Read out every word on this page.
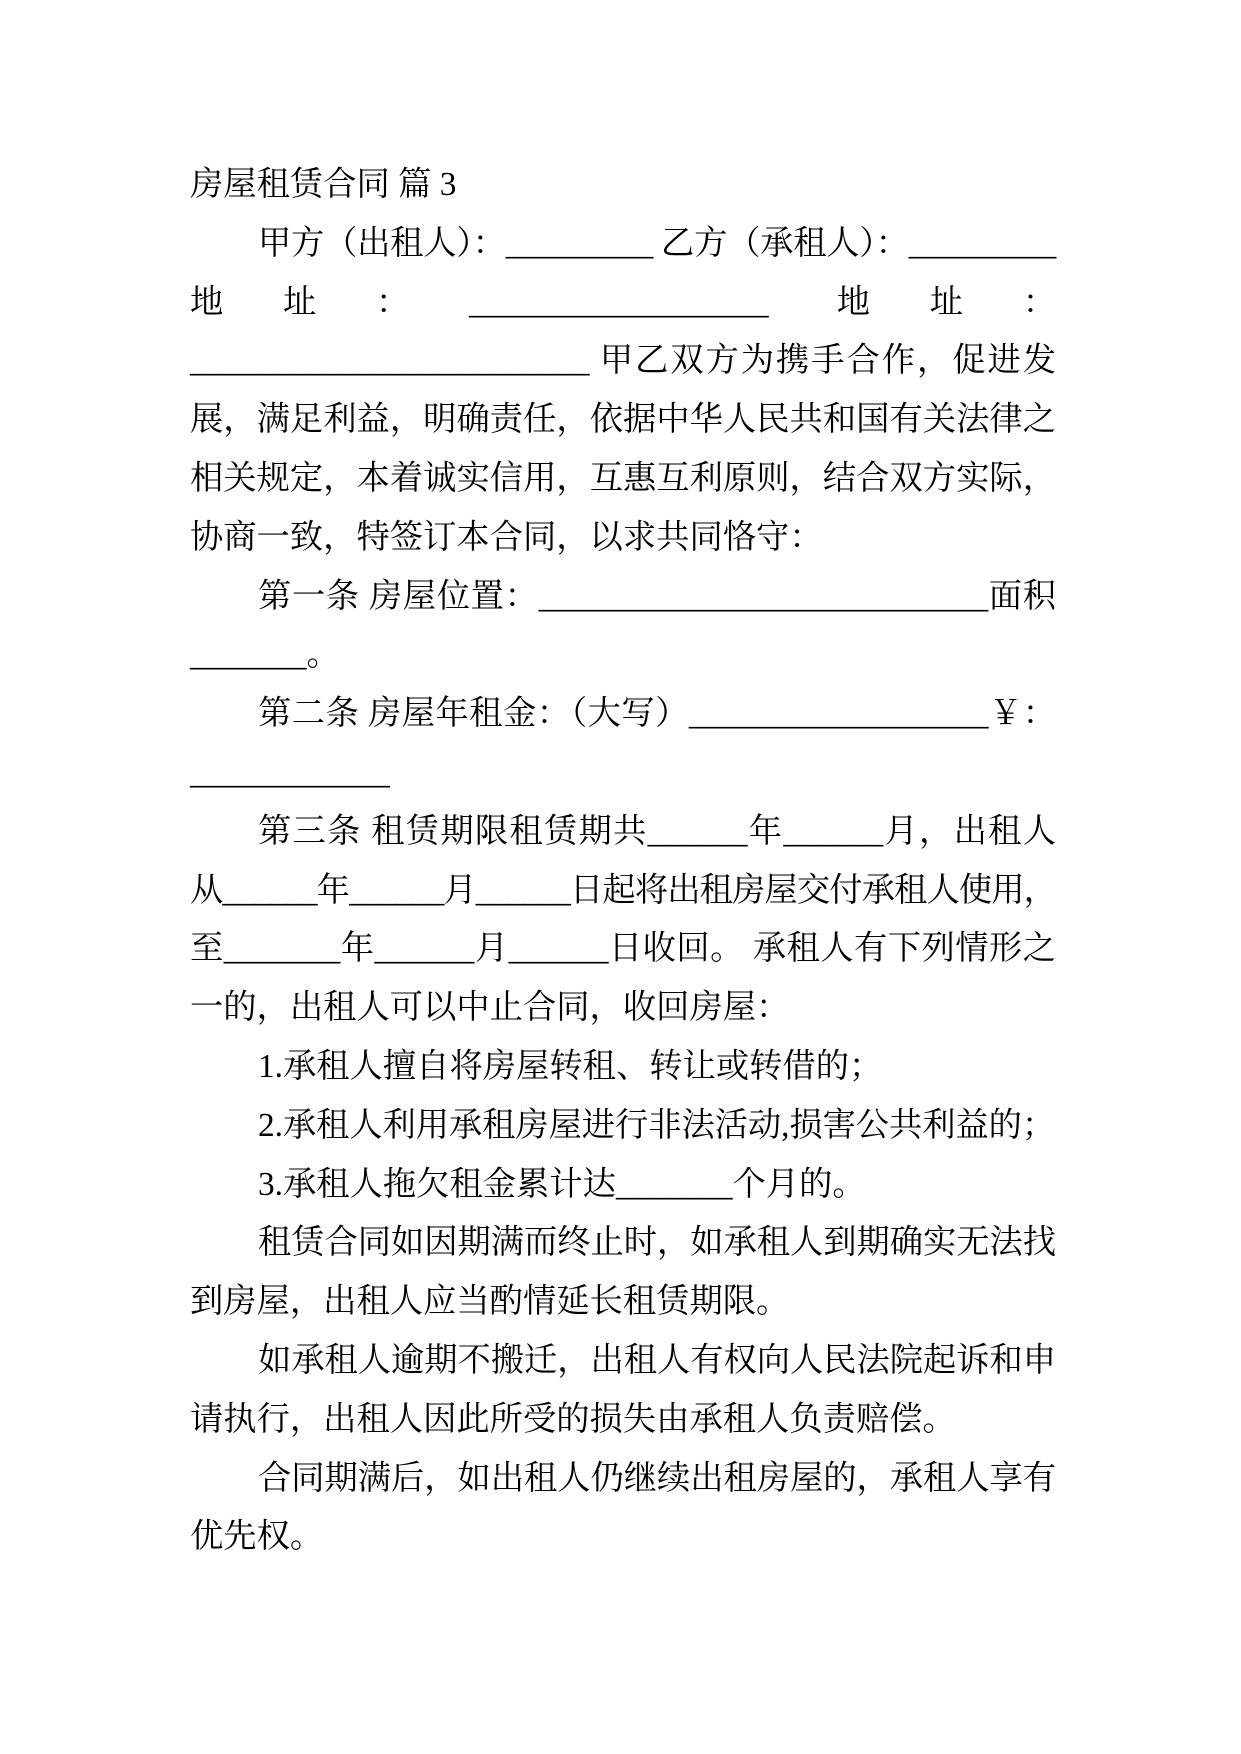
房屋租赁合同 篇 3
甲方（出租人）：_________ 乙方（承租人）：_________
地址：__________________ 地址：
________________________ 甲乙双方为携手合作，促进发
展，满足利益，明确责任，依据中华人民共和国有关法律之
相关规定，本着诚实信用，互惠互利原则，结合双方实际，
协商一致，特签订本合同，以求共同恪守：
第一条 房屋位置：___________________________面积
_______。
第二条 房屋年租金：（大写）__________________￥：
____________
第三条 租赁期限租赁期共______年______月，出租人
从______年______月______日起将出租房屋交付承租人使用，
至_______年______月______日收回。 承租人有下列情形之
一的，出租人可以中止合同，收回房屋：
1.承租人擅自将房屋转租、转让或转借的；
2.承租人利用承租房屋进行非法活动,损害公共利益的；
3.承租人拖欠租金累计达_______个月的。
租赁合同如因期满而终止时，如承租人到期确实无法找
到房屋，出租人应当酌情延长租赁期限。
如承租人逾期不搬迁，出租人有权向人民法院起诉和申
请执行，出租人因此所受的损失由承租人负责赔偿。
合同期满后，如出租人仍继续出租房屋的，承租人享有
优先权。
